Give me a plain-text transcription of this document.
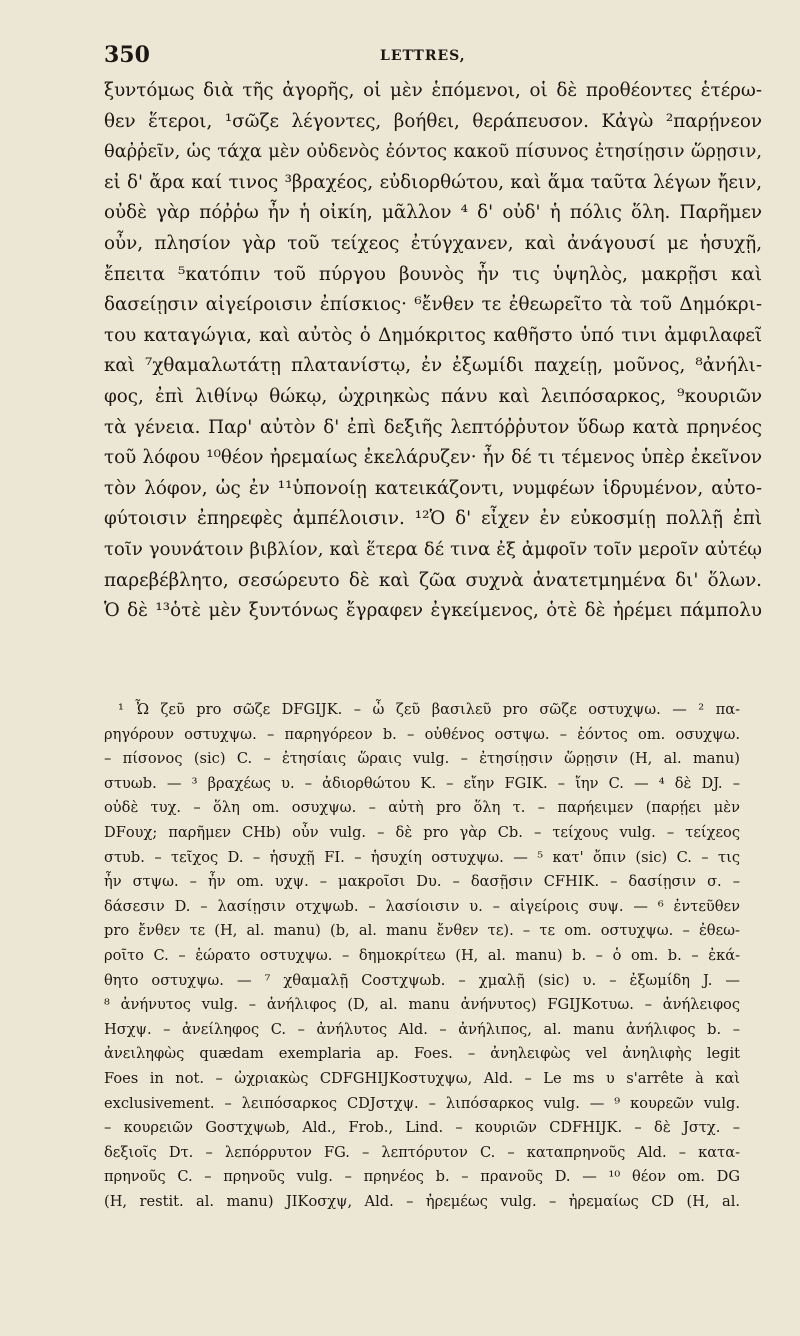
350	LETTRES,
ξυντόμως διὰ τῆς ἀγορῆς, οἱ μὲν ἑπόμενοι, οἱ δὲ προθέοντες ἑτέρω-
θεν ἕτεροι, ¹σῶζε λέγοντες, βοήθει, θεράπευσον. Κἀγὼ ²παρῄνεον
θαῤῥεῖν, ὡς τάχα μὲν οὐδενὸς ἐόντος κακοῦ πίσυνος ἐτησίῃσιν ὥρῃσιν,
εἰ δ' ἄρα καί τινος ³βραχέος, εὐδιορθώτου, καὶ ἅμα ταῦτα λέγων ἤειν,
οὐδὲ γὰρ πόῤῥω ἦν ἡ οἰκίη, μᾶλλον ⁴ δ' οὐδ' ἡ πόλις ὅλη. Παρῆμεν
οὖν, πλησίον γὰρ τοῦ τείχεος ἐτύγχανεν, καὶ ἀνάγουσί με ἡσυχῇ,
ἔπειτα ⁵κατόπιν τοῦ πύργου βουνὸς ἦν τις ὑψηλὸς, μακρῇσι καὶ
δασείῃσιν αἰγείροισιν ἐπίσκιος· ⁶ἔνθεν τε ἐθεωρεῖτο τὰ τοῦ Δημόκρι-
του καταγώγια, καὶ αὐτὸς ὁ Δημόκριτος καθῆστο ὑπό τινι ἀμφιλαφεῖ
καὶ ⁷χθαμαλωτάτῃ πλατανίστῳ, ἐν ἐξωμίδι παχείῃ, μοῦνος, ⁸ἀνήλι-
φος, ἐπὶ λιθίνῳ θώκῳ, ὠχριηκὼς πάνυ καὶ λειπόσαρκος, ⁹κουριῶν
τὰ γένεια. Παρ' αὐτὸν δ' ἐπὶ δεξιῆς λεπτόῤῥυτον ὕδωρ κατὰ πρηνέος
τοῦ λόφου ¹⁰θέον ἠρεμαίως ἐκελάρυζεν· ἦν δέ τι τέμενος ὑπὲρ ἐκεῖνον
τὸν λόφον, ὡς ἐν ¹¹ὑπονοίῃ κατεικάζοντι, νυμφέων ἱδρυμένον, αὐτο-
φύτοισιν ἐπηρεφὲς ἀμπέλοισιν. ¹²Ὁ δ' εἶχεν ἐν εὐκοσμίῃ πολλῇ ἐπὶ
τοῖν γουνάτοιν βιβλίον, καὶ ἕτερα δέ τινα ἐξ ἀμφοῖν τοῖν μεροῖν αὐτέῳ
παρεβέβλητο, σεσώρευτο δὲ καὶ ζῶα συχνὰ ἀνατετμημένα δι' ὅλων.
Ὁ δὲ ¹³ὁτὲ μὲν ξυντόνως ἔγραφεν ἐγκείμενος, ὁτὲ δὲ ἠρέμει πάμπολυ
¹ Ὦ ζεῦ pro σῶζε DFGIJK. – ὦ ζεῦ βασιλεῦ pro σῶζε οστυχψω. — ² πα-
ρηγόρουν οστυχψω. – παρηγόρεον b. – οὐθένος οστψω. – ἐόντος om. οσυχψω.
– πίσονος (sic) C. – ἐτησίαις ὥραις vulg. – ἐτησίῃσιν ὥρῃσιν (H, al. manu)
στυωb. — ³ βραχέως υ. – ἀδιορθώτου K. – εἴην FGIK. – ἴην C. — ⁴ δὲ DJ. –
οὐδὲ τυχ. – ὅλη om. οσυχψω. – αὐτὴ pro ὅλη τ. – παρήειμεν (παρῄει μὲν
DFουχ; παρῆμεν CHb) οὖν vulg. – δὲ pro γὰρ Cb. – τείχους vulg. – τείχεος
στυb. – τεῖχος D. – ἡσυχῇ FI. – ἡσυχίη οστυχψω. — ⁵ κατ' ὄπιν (sic) C. – τις
ἦν στψω. – ἦν om. υχψ. – μακροῖσι Dυ. – δασῇσιν CFHIK. – δασίῃσιν σ. –
δάσεσιν D. – λασίῃσιν οτχψωb. – λασίοισιν υ. – αἰγείροις συψ. — ⁶ ἐντεῦθεν
pro ἔνθεν τε (H, al. manu) (b, al. manu ἔνθεν τε). – τε om. οστυχψω. – ἐθεω-
ροῖτο C. – ἑώρατο οστυχψω. – δημοκρίτεω (H, al. manu) b. – ὁ om. b. – ἐκά-
θητο οστυχψω. — ⁷ χθαμαλῇ Cοστχψωb. – χμαλῇ (sic) υ. – ἐξωμίδη J. —
⁸ ἀνήνυτος vulg. – ἀνήλιφος (D, al. manu ἀνήνυτος) FGIJKοτυω. – ἀνήλειφος
Hσχψ. – ἀνείληφος C. – ἀνήλυτος Ald. – ἀνήλιπος, al. manu ἀνήλιφος b. –
ἀνειληφὼς quædam exemplaria ap. Foes. – ἀνηλειφὼς vel ἀνηλιφὴς legit
Foes in not. – ὠχριακὼς CDFGHIJKοστυχψω, Ald. – Le ms υ s'arrête à καὶ
exclusivement. – λειπόσαρκος CDJστχψ. – λιπόσαρκος vulg. — ⁹ κουρεῶν vulg.
– κουρειῶν Gοστχψωb, Ald., Frob., Lind. – κουριῶν CDFHIJK. – δὲ Jστχ. –
δεξιοῖς Dτ. – λεπόρρυτον FG. – λεπτόρυτον C. – καταπρηνοῦς Ald. – κατα-
πρηνοῦς C. – πρηνοῦς vulg. – πρηνέος b. – πρανοῦς D. — ¹⁰ θέον om. DG
(H, restit. al. manu) JIKοσχψ, Ald. – ἠρεμέως vulg. – ἠρεμαίως CD (H, al.
